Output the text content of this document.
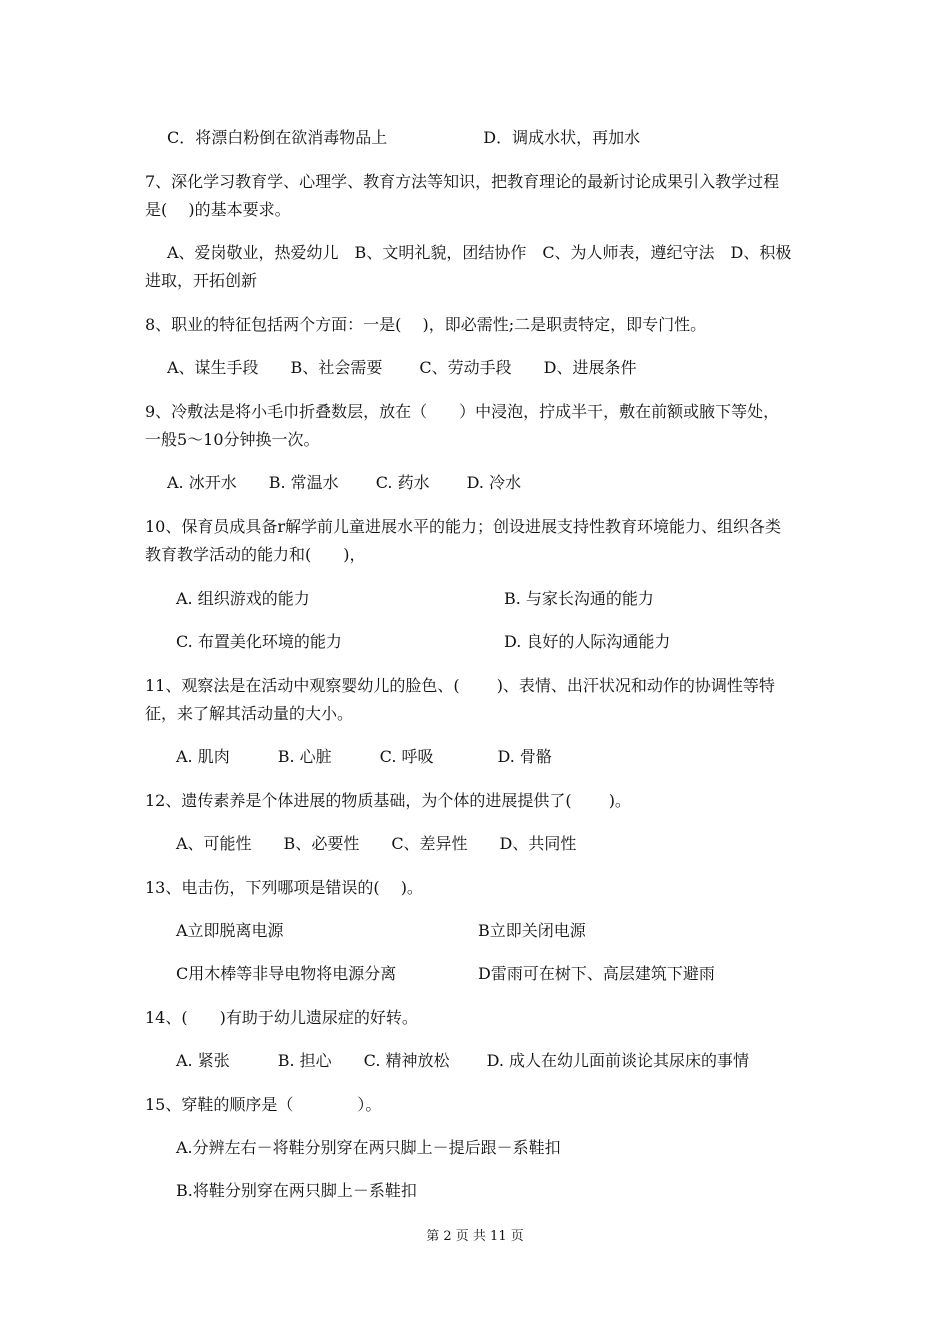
C．将漂白粉倒在欲消毒物品上　　　　　　D．调成水状，再加水
7、深化学习教育学、心理学、教育方法等知识，把教育理论的最新讨论成果引入教学过程
是(　 )的基本要求。
A、爱岗敬业，热爱幼儿　B、文明礼貌，团结协作　C、为人师表，遵纪守法　D、积极
进取，开拓创新
8、职业的特征包括两个方面：一是(　 )，即必需性;二是职责特定，即专门性。
A、谋生手段　　B、社会需要　　 C、劳动手段　　D、进展条件
9、冷敷法是将小毛巾折叠数层，放在（　　）中浸泡，拧成半干，敷在前额或腋下等处，
一般5～10分钟换一次。
A. 冰开水　　B. 常温水　　 C. 药水　　 D. 冷水
10、保育员成具备r解学前儿童进展水平的能力；创设进展支持性教育环境能力、组织各类
教育教学活动的能力和(　　)，
A. 组织游戏的能力	B. 与家长沟通的能力
C. 布置美化环境的能力	D. 良好的人际沟通能力
11、观察法是在活动中观察婴幼儿的脸色、(　　 )、表情、出汗状况和动作的协调性等特
征，来了解其活动量的大小。
A. 肌肉　　　B. 心脏　　　C. 呼吸　　　　D. 骨骼
12、遗传素养是个体进展的物质基础，为个体的进展提供了(　　 )。
A、可能性　　B、必要性　　C、差异性　　D、共同性
13、电击伤，下列哪项是错误的(　 )。
A立即脱离电源	B立即关闭电源
C用木棒等非导电物将电源分离	D雷雨可在树下、高层建筑下避雨
14、(　　)有助于幼儿遗尿症的好转。
A. 紧张　　　B. 担心　　C. 精神放松　　 D. 成人在幼儿面前谈论其尿床的事情
15、穿鞋的顺序是（　　　　）。
A.分辨左右－将鞋分别穿在两只脚上－提后跟－系鞋扣
B.将鞋分别穿在两只脚上－系鞋扣
第 2 页 共 11 页
